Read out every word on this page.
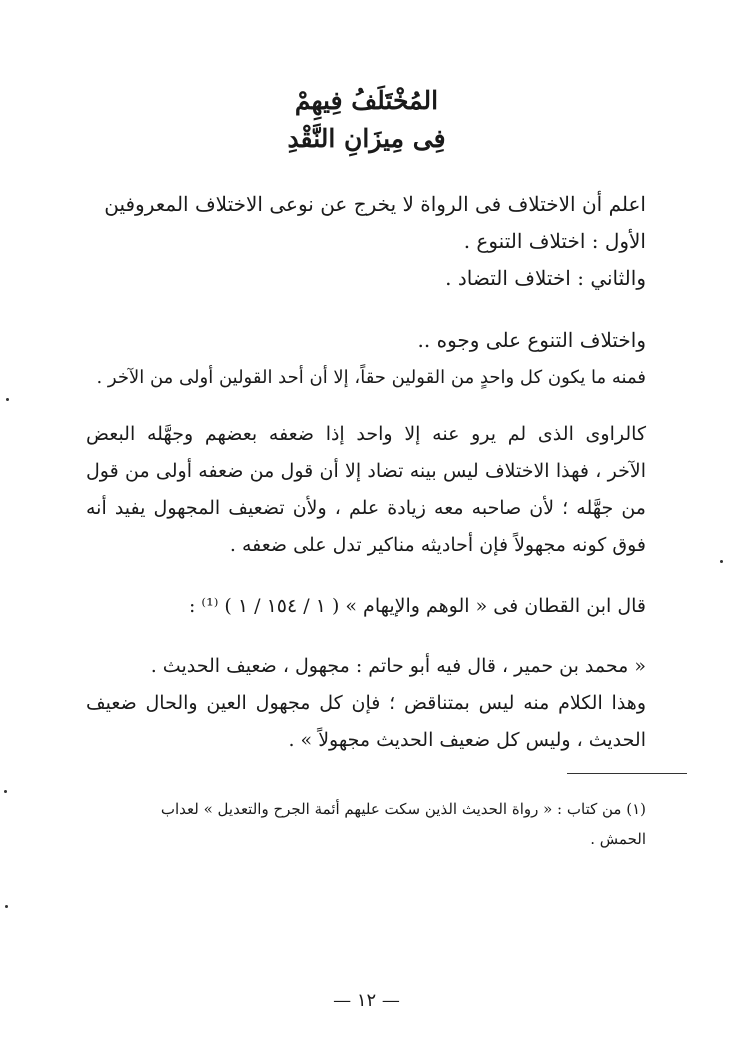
المُخْتَلَفُ فِيهِمْ
فِى مِيزَانِ النَّقْدِ
اعلم أن الاختلاف فى الرواة لا يخرج عن نوعى الاختلاف المعروفين
الأول : اختلاف التنوع .
والثاني : اختلاف التضاد .
واختلاف التنوع على وجوه ..
فمنه ما يكون كل واحدٍ من القولين حقاً، إلا أن أحد القولين أولى من الآخر .
كالراوى الذى لم يرو عنه إلا واحد إذا ضعفه بعضهم وجهَّله البعض
الآخر ، فهذا الاختلاف ليس بينه تضاد إلا أن قول من ضعفه أولى من قول
من جهَّله ؛ لأن صاحبه معه زيادة علم ، ولأن تضعيف المجهول يفيد أنه
فوق كونه مجهولاً فإن أحاديثه مناكير تدل على ضعفه .
قال ابن القطان فى « الوهم والإيهام » ( ١ / ١٥٤ / ١ ) ⁽¹⁾ :
« محمد بن حمير ، قال فيه أبو حاتم : مجهول ، ضعيف الحديث .
وهذا الكلام منه ليس بمتناقض ؛ فإن كل مجهول العين والحال ضعيف
الحديث ، وليس كل ضعيف الحديث مجهولاً » .
(١) من كتاب : « رواة الحديث الذين سكت عليهم أئمة الجرح والتعديل » لعداب
الحمش .
— ١٢ —
